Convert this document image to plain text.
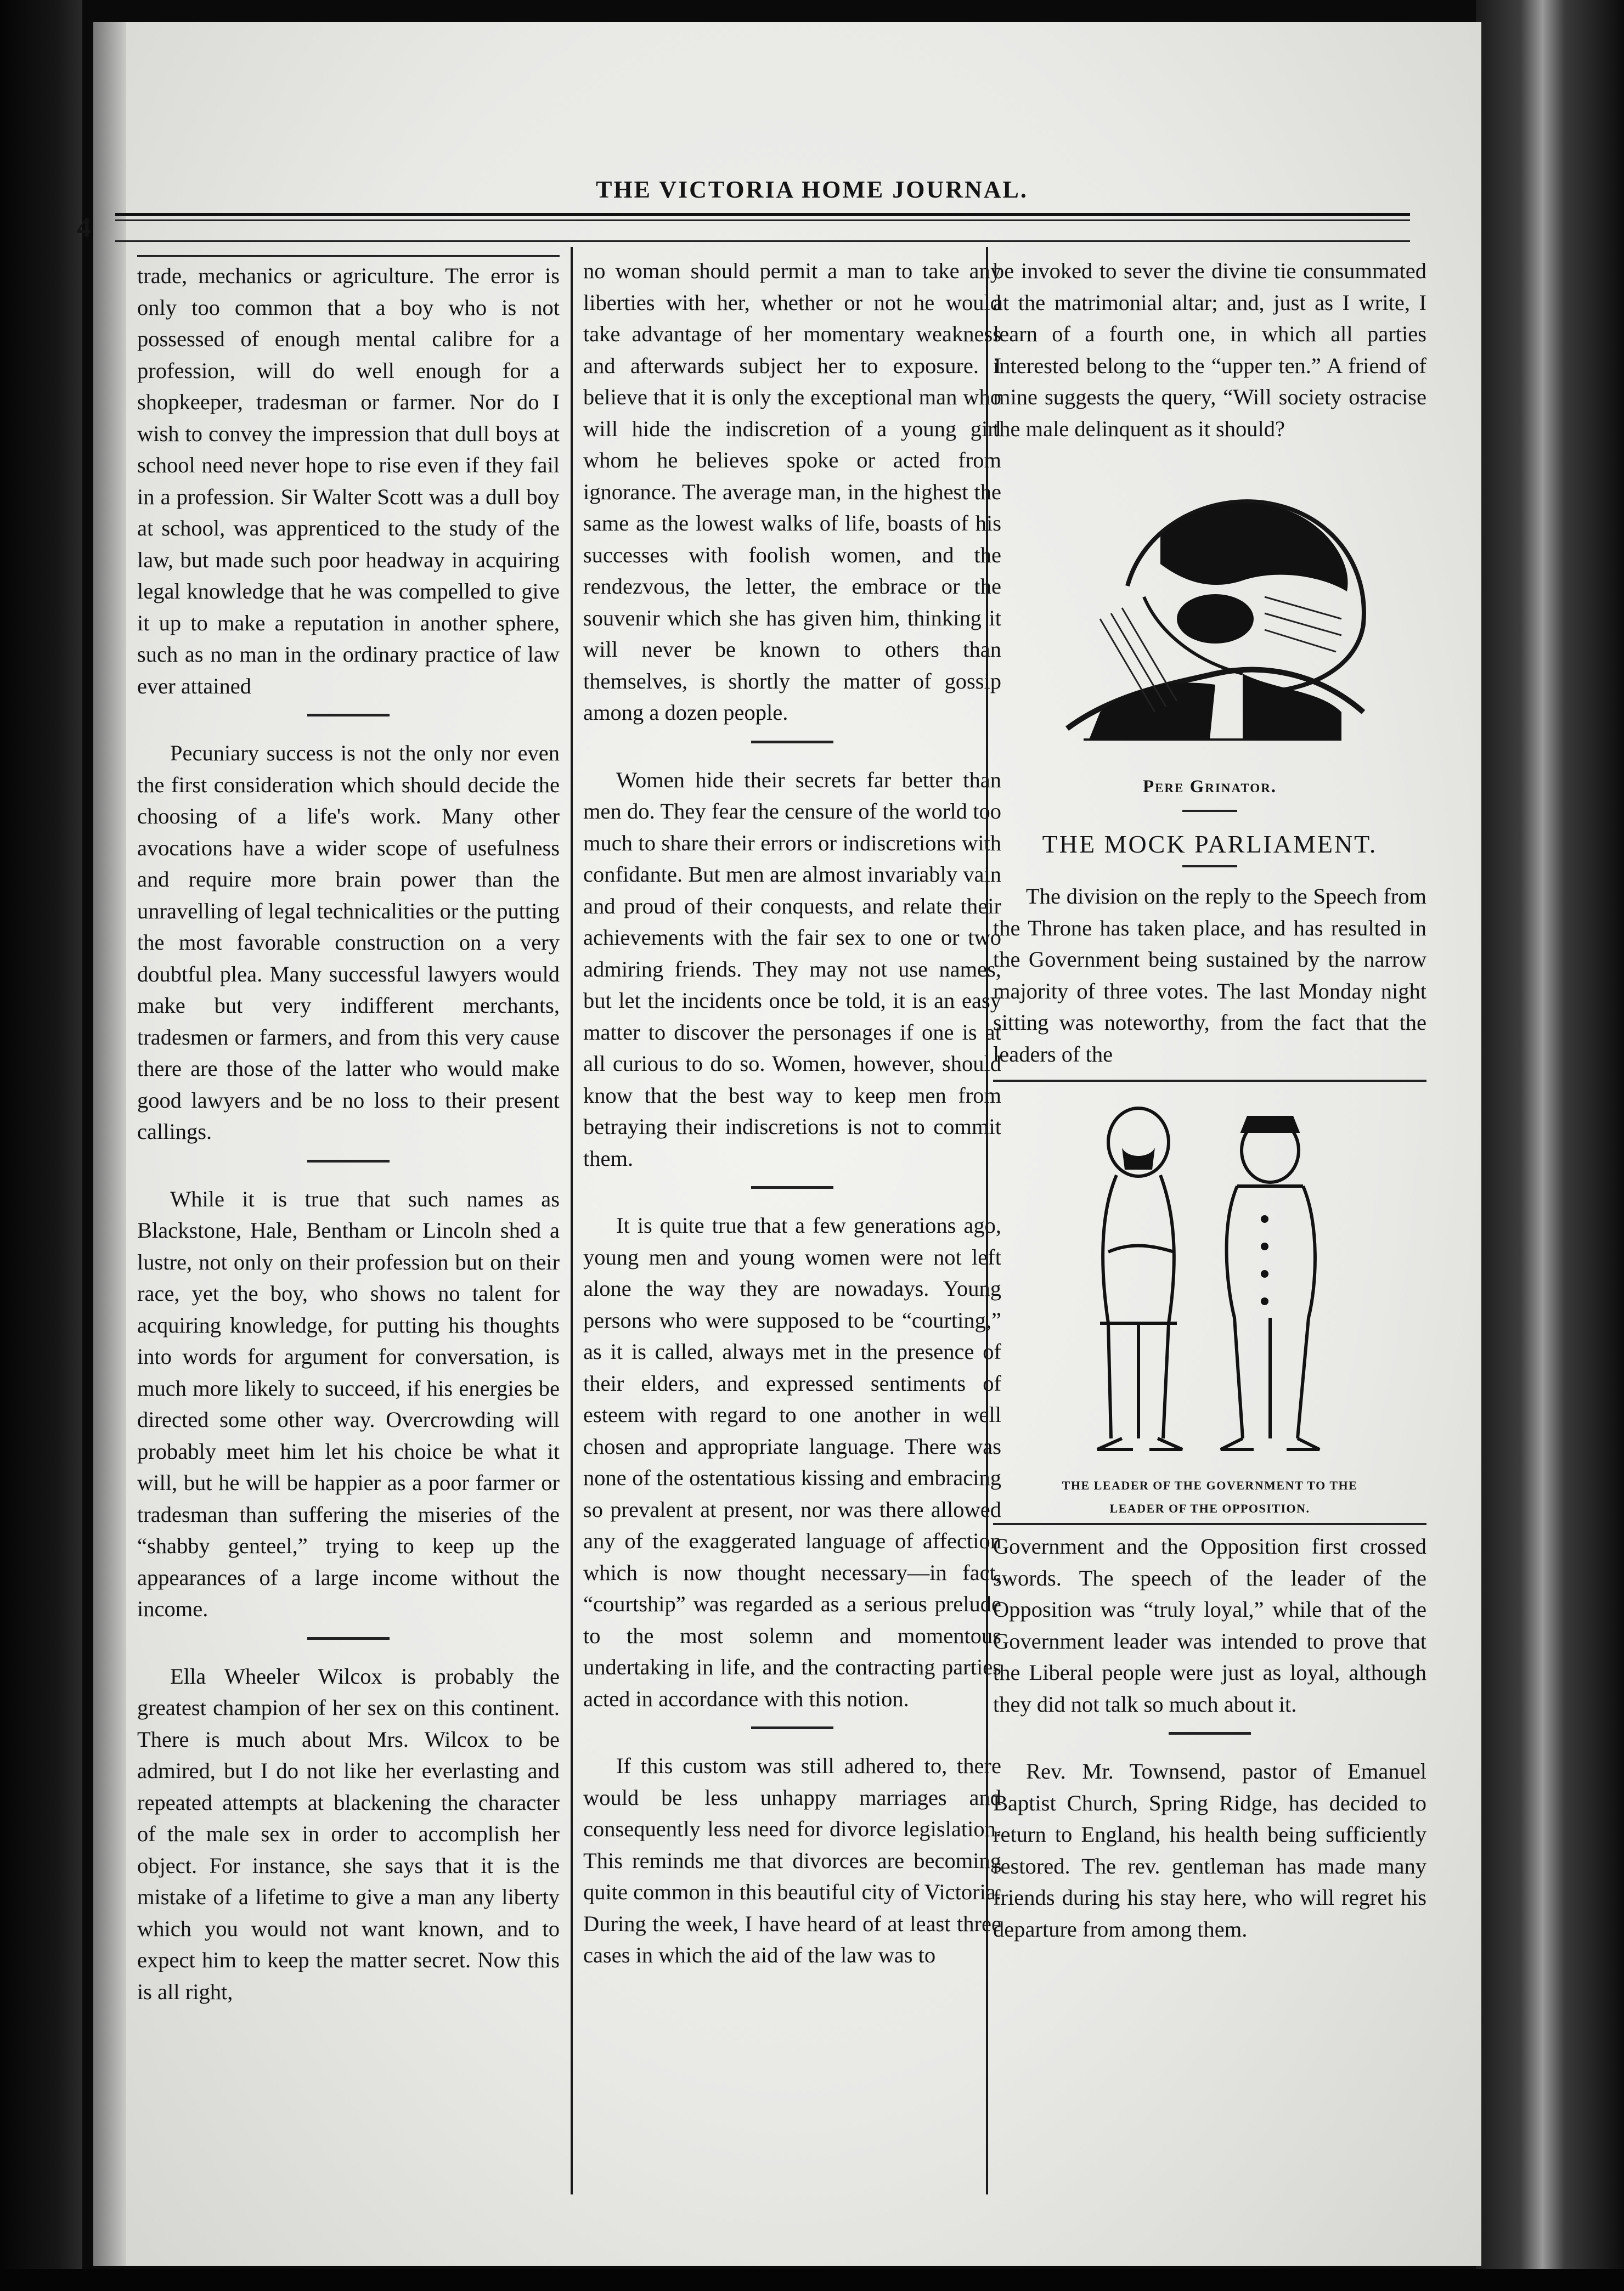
4
THE VICTORIA HOME JOURNAL.

trade, mechanics or agriculture. The error is only too common that a boy who is not possessed of enough mental calibre for a profession, will do well enough for a shopkeeper, tradesman or farmer. Nor do I wish to convey the impression that dull boys at school need never hope to rise even if they fail in a profession. Sir Walter Scott was a dull boy at school, was apprenticed to the study of the law, but made such poor headway in acquiring legal knowledge that he was compelled to give it up to make a reputation in another sphere, such as no man in the ordinary practice of law ever attained

Pecuniary success is not the only nor even the first consideration which should decide the choosing of a life's work. Many other avocations have a wider scope of usefulness and require more brain power than the unravelling of legal technicalities or the putting the most favorable construction on a very doubtful plea. Many successful lawyers would make but very indifferent merchants, tradesmen or farmers, and from this very cause there are those of the latter who would make good lawyers and be no loss to their present callings.

While it is true that such names as Blackstone, Hale, Bentham or Lincoln shed a lustre, not only on their profession but on their race, yet the boy, who shows no talent for acquiring knowledge, for putting his thoughts into words for argument for conversation, is much more likely to succeed, if his energies be directed some other way. Overcrowding will probably meet him let his choice be what it will, but he will be happier as a poor farmer or tradesman than suffering the miseries of the “shabby genteel,” trying to keep up the appearances of a large income without the income.

Ella Wheeler Wilcox is probably the greatest champion of her sex on this continent. There is much about Mrs. Wilcox to be admired, but I do not like her everlasting and repeated attempts at blackening the character of the male sex in order to accomplish her object. For instance, she says that it is the mistake of a lifetime to give a man any liberty which you would not want known, and to expect him to keep the matter secret. Now this is all right,

no woman should permit a man to take any liberties with her, whether or not he would take advantage of her momentary weakness and afterwards subject her to exposure. I believe that it is only the exceptional man who will hide the indiscretion of a young girl whom he believes spoke or acted from ignorance. The average man, in the highest the same as the lowest walks of life, boasts of his successes with foolish women, and the rendezvous, the letter, the embrace or the souvenir which she has given him, thinking it will never be known to others than themselves, is shortly the matter of gossip among a dozen people.

Women hide their secrets far better than men do. They fear the censure of the world too much to share their errors or indiscretions with confidante. But men are almost invariably vain and proud of their conquests, and relate their achievements with the fair sex to one or two admiring friends. They may not use names, but let the incidents once be told, it is an easy matter to discover the personages if one is at all curious to do so. Women, however, should know that the best way to keep men from betraying their indiscretions is not to commit them.

It is quite true that a few generations ago, young men and young women were not left alone the way they are nowadays. Young persons who were supposed to be “courting,” as it is called, always met in the presence of their elders, and expressed sentiments of esteem with regard to one another in well chosen and appropriate language. There was none of the ostentatious kissing and embracing so prevalent at present, nor was there allowed any of the exaggerated language of affection which is now thought necessary—in fact, “courtship” was regarded as a serious prelude to the most solemn and momentous undertaking in life, and the contracting parties acted in accordance with this notion.

If this custom was still adhered to, there would be less unhappy marriages and consequently less need for divorce legislation. This reminds me that divorces are becoming quite common in this beautiful city of Victoria. During the week, I have heard of at least three cases in which the aid of the law was to

be invoked to sever the divine tie consummated at the matrimonial altar; and, just as I write, I learn of a fourth one, in which all parties interested belong to the “upper ten.” A friend of mine suggests the query, “Will society ostracise the male delinquent as it should?

Pere Grinator.
THE MOCK PARLIAMENT.

The division on the reply to the Speech from the Throne has taken place, and has resulted in the Government being sustained by the narrow majority of three votes. The last Monday night sitting was noteworthy, from the fact that the leaders of the

THE LEADER OF THE GOVERNMENT TO THE
LEADER OF THE OPPOSITION.

Government and the Opposition first crossed swords. The speech of the leader of the Opposition was “truly loyal,” while that of the Government leader was intended to prove that the Liberal people were just as loyal, although they did not talk so much about it.

Rev. Mr. Townsend, pastor of Emanuel Baptist Church, Spring Ridge, has decided to return to England, his health being sufficiently restored. The rev. gentleman has made many friends during his stay here, who will regret his departure from among them.
